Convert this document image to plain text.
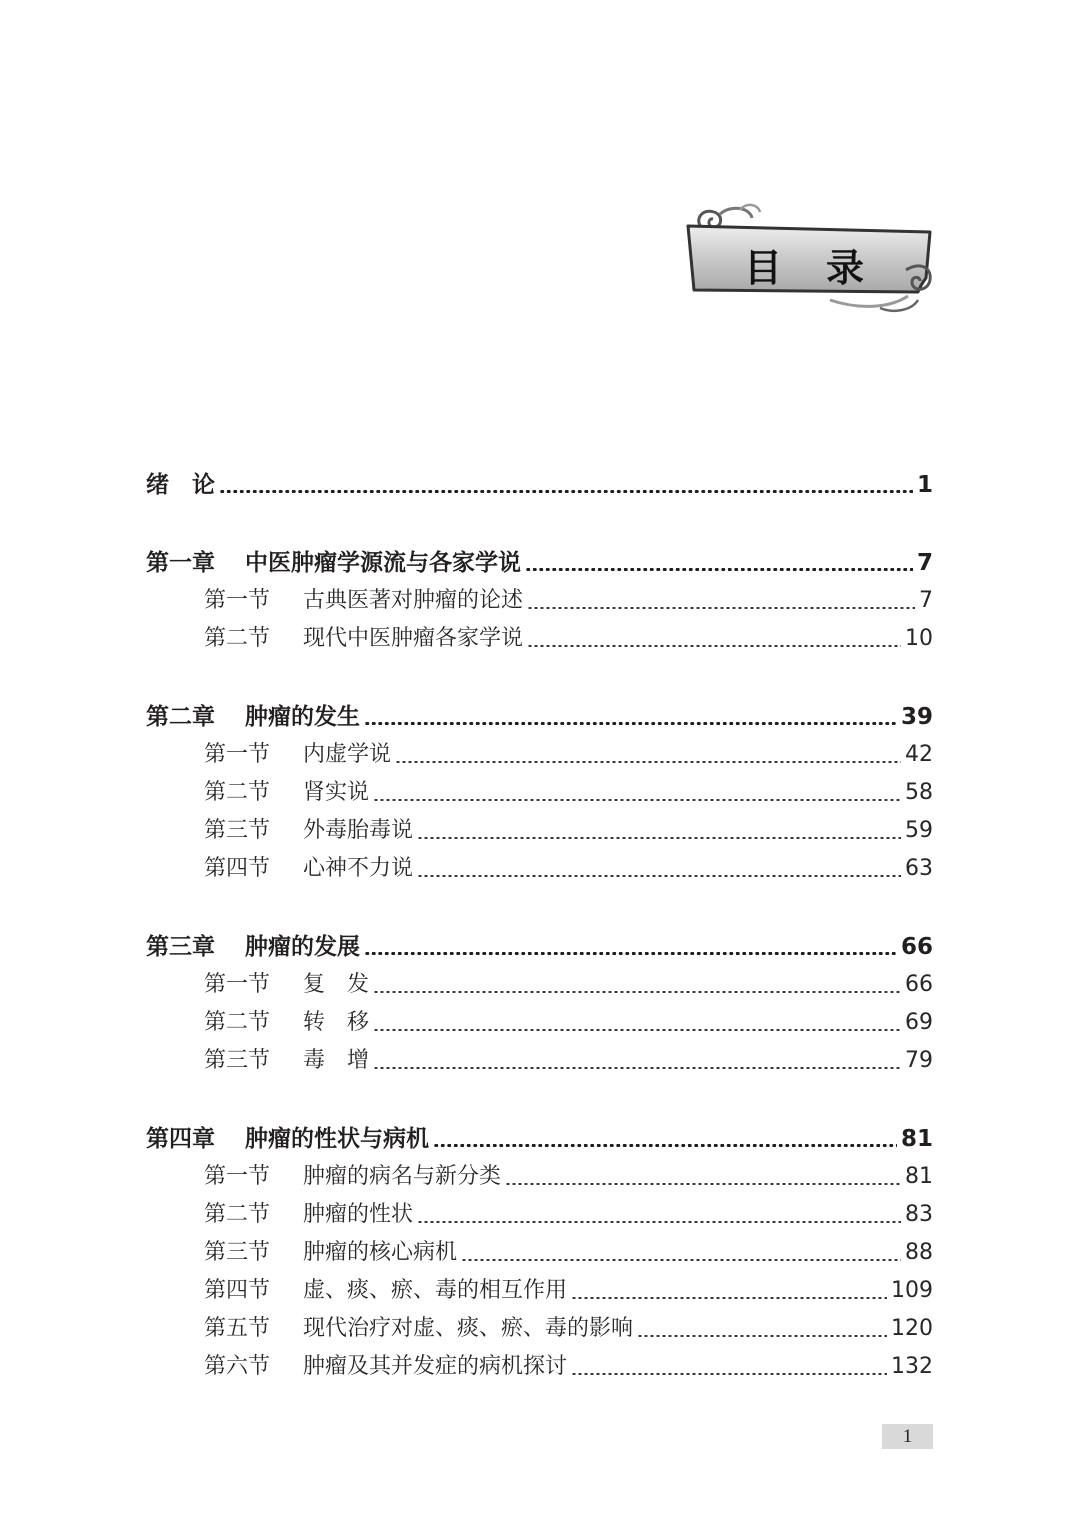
目 录
绪　论	1
第一章	中医肿瘤学源流与各家学说	7
第一节	古典医著对肿瘤的论述	7
第二节	现代中医肿瘤各家学说	10
第二章	肿瘤的发生	39
第一节	内虚学说	42
第二节	肾实说	58
第三节	外毒胎毒说	59
第四节	心神不力说	63
第三章	肿瘤的发展	66
第一节	复　发	66
第二节	转　移	69
第三节	毒　增	79
第四章	肿瘤的性状与病机	81
第一节	肿瘤的病名与新分类	81
第二节	肿瘤的性状	83
第三节	肿瘤的核心病机	88
第四节	虚、痰、瘀、毒的相互作用	109
第五节	现代治疗对虚、痰、瘀、毒的影响	120
第六节	肿瘤及其并发症的病机探讨	132
1
